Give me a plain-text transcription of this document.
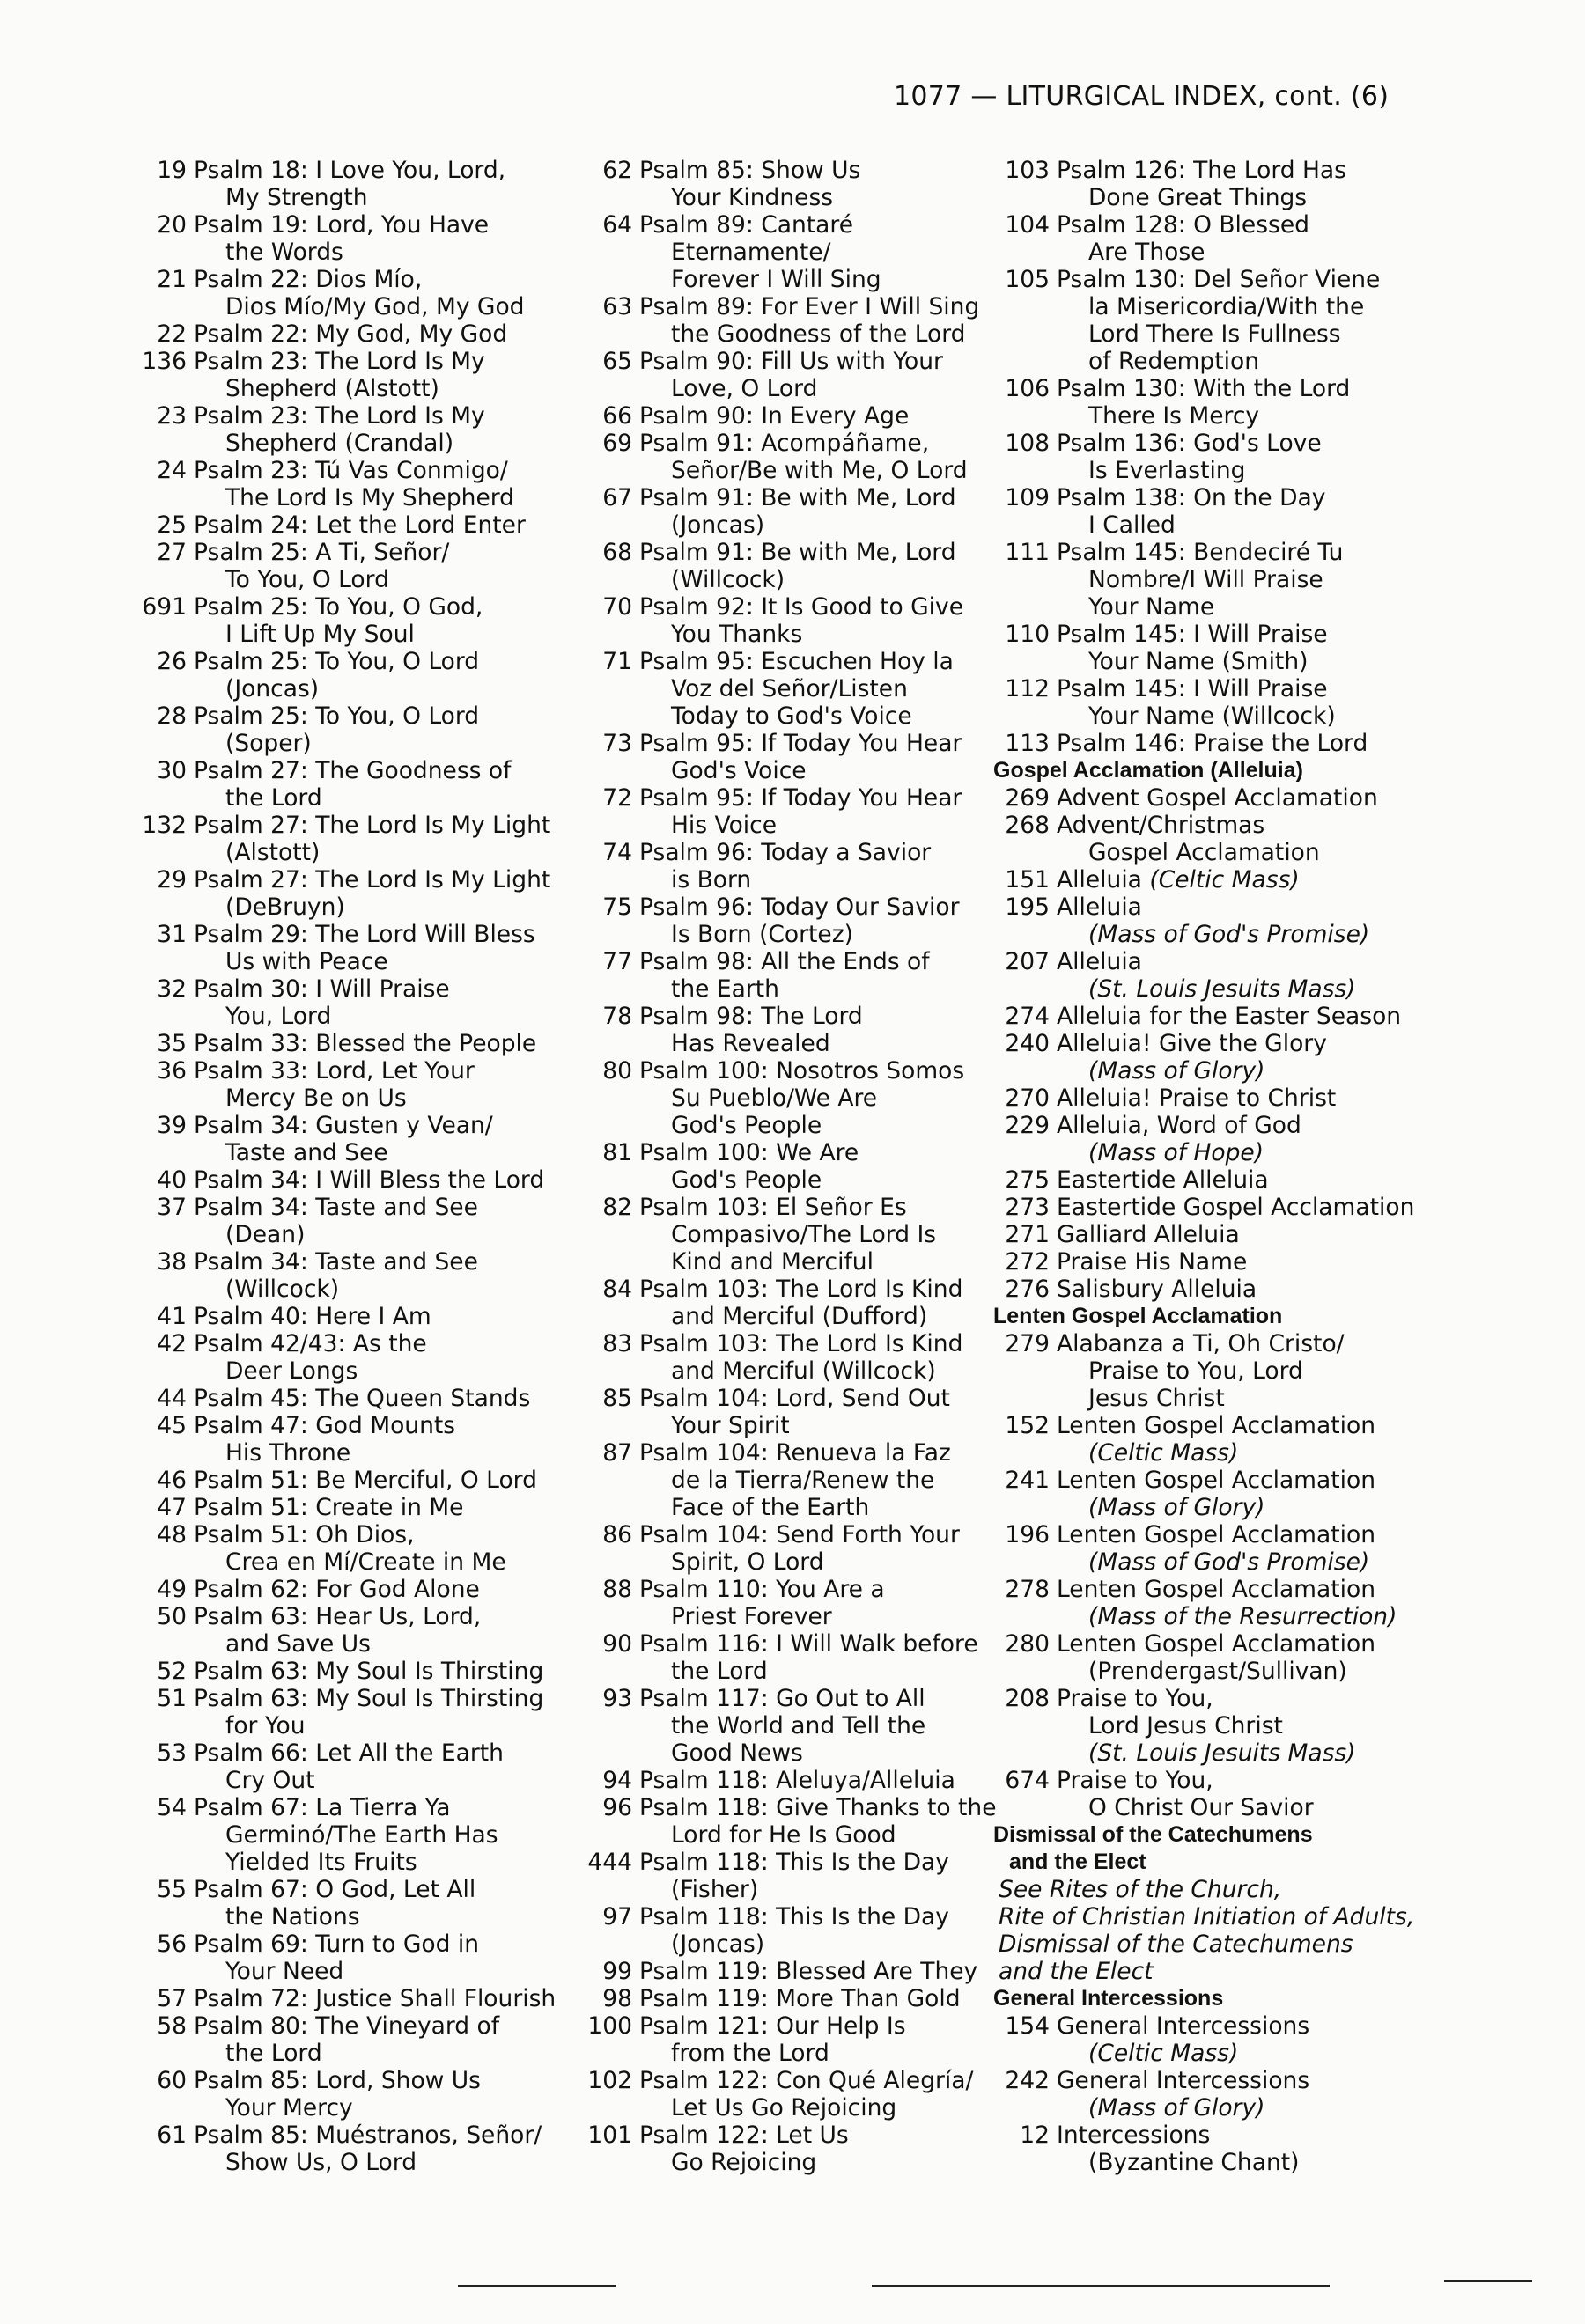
1077 — LITURGICAL INDEX, cont. (6)
19 Psalm 18: I Love You, Lord,
My Strength
20 Psalm 19: Lord, You Have
the Words
21 Psalm 22: Dios Mío,
Dios Mío/My God, My God
22 Psalm 22: My God, My God
136 Psalm 23: The Lord Is My
Shepherd (Alstott)
23 Psalm 23: The Lord Is My
Shepherd (Crandal)
24 Psalm 23: Tú Vas Conmigo/
The Lord Is My Shepherd
25 Psalm 24: Let the Lord Enter
27 Psalm 25: A Ti, Señor/
To You, O Lord
691 Psalm 25: To You, O God,
I Lift Up My Soul
26 Psalm 25: To You, O Lord
(Joncas)
28 Psalm 25: To You, O Lord
(Soper)
30 Psalm 27: The Goodness of
the Lord
132 Psalm 27: The Lord Is My Light
(Alstott)
29 Psalm 27: The Lord Is My Light
(DeBruyn)
31 Psalm 29: The Lord Will Bless
Us with Peace
32 Psalm 30: I Will Praise
You, Lord
35 Psalm 33: Blessed the People
36 Psalm 33: Lord, Let Your
Mercy Be on Us
39 Psalm 34: Gusten y Vean/
Taste and See
40 Psalm 34: I Will Bless the Lord
37 Psalm 34: Taste and See
(Dean)
38 Psalm 34: Taste and See
(Willcock)
41 Psalm 40: Here I Am
42 Psalm 42/43: As the
Deer Longs
44 Psalm 45: The Queen Stands
45 Psalm 47: God Mounts
His Throne
46 Psalm 51: Be Merciful, O Lord
47 Psalm 51: Create in Me
48 Psalm 51: Oh Dios,
Crea en Mí/Create in Me
49 Psalm 62: For God Alone
50 Psalm 63: Hear Us, Lord,
and Save Us
52 Psalm 63: My Soul Is Thirsting
51 Psalm 63: My Soul Is Thirsting
for You
53 Psalm 66: Let All the Earth
Cry Out
54 Psalm 67: La Tierra Ya
Germinó/The Earth Has
Yielded Its Fruits
55 Psalm 67: O God, Let All
the Nations
56 Psalm 69: Turn to God in
Your Need
57 Psalm 72: Justice Shall Flourish
58 Psalm 80: The Vineyard of
the Lord
60 Psalm 85: Lord, Show Us
Your Mercy
61 Psalm 85: Muéstranos, Señor/
Show Us, O Lord
62 Psalm 85: Show Us
Your Kindness
64 Psalm 89: Cantaré
Eternamente/
Forever I Will Sing
63 Psalm 89: For Ever I Will Sing
the Goodness of the Lord
65 Psalm 90: Fill Us with Your
Love, O Lord
66 Psalm 90: In Every Age
69 Psalm 91: Acompáñame,
Señor/Be with Me, O Lord
67 Psalm 91: Be with Me, Lord
(Joncas)
68 Psalm 91: Be with Me, Lord
(Willcock)
70 Psalm 92: It Is Good to Give
You Thanks
71 Psalm 95: Escuchen Hoy la
Voz del Señor/Listen
Today to God's Voice
73 Psalm 95: If Today You Hear
God's Voice
72 Psalm 95: If Today You Hear
His Voice
74 Psalm 96: Today a Savior
is Born
75 Psalm 96: Today Our Savior
Is Born (Cortez)
77 Psalm 98: All the Ends of
the Earth
78 Psalm 98: The Lord
Has Revealed
80 Psalm 100: Nosotros Somos
Su Pueblo/We Are
God's People
81 Psalm 100: We Are
God's People
82 Psalm 103: El Señor Es
Compasivo/The Lord Is
Kind and Merciful
84 Psalm 103: The Lord Is Kind
and Merciful (Dufford)
83 Psalm 103: The Lord Is Kind
and Merciful (Willcock)
85 Psalm 104: Lord, Send Out
Your Spirit
87 Psalm 104: Renueva la Faz
de la Tierra/Renew the
Face of the Earth
86 Psalm 104: Send Forth Your
Spirit, O Lord
88 Psalm 110: You Are a
Priest Forever
90 Psalm 116: I Will Walk before
the Lord
93 Psalm 117: Go Out to All
the World and Tell the
Good News
94 Psalm 118: Aleluya/Alleluia
96 Psalm 118: Give Thanks to the
Lord for He Is Good
444 Psalm 118: This Is the Day
(Fisher)
97 Psalm 118: This Is the Day
(Joncas)
99 Psalm 119: Blessed Are They
98 Psalm 119: More Than Gold
100 Psalm 121: Our Help Is
from the Lord
102 Psalm 122: Con Qué Alegría/
Let Us Go Rejoicing
101 Psalm 122: Let Us
Go Rejoicing
103 Psalm 126: The Lord Has
Done Great Things
104 Psalm 128: O Blessed
Are Those
105 Psalm 130: Del Señor Viene
la Misericordia/With the
Lord There Is Fullness
of Redemption
106 Psalm 130: With the Lord
There Is Mercy
108 Psalm 136: God's Love
Is Everlasting
109 Psalm 138: On the Day
I Called
111 Psalm 145: Bendeciré Tu
Nombre/I Will Praise
Your Name
110 Psalm 145: I Will Praise
Your Name (Smith)
112 Psalm 145: I Will Praise
Your Name (Willcock)
113 Psalm 146: Praise the Lord
Gospel Acclamation (Alleluia)
269 Advent Gospel Acclamation
268 Advent/Christmas
Gospel Acclamation
151 Alleluia (Celtic Mass)
195 Alleluia
(Mass of God's Promise)
207 Alleluia
(St. Louis Jesuits Mass)
274 Alleluia for the Easter Season
240 Alleluia! Give the Glory
(Mass of Glory)
270 Alleluia! Praise to Christ
229 Alleluia, Word of God
(Mass of Hope)
275 Eastertide Alleluia
273 Eastertide Gospel Acclamation
271 Galliard Alleluia
272 Praise His Name
276 Salisbury Alleluia
Lenten Gospel Acclamation
279 Alabanza a Ti, Oh Cristo/
Praise to You, Lord
Jesus Christ
152 Lenten Gospel Acclamation
(Celtic Mass)
241 Lenten Gospel Acclamation
(Mass of Glory)
196 Lenten Gospel Acclamation
(Mass of God's Promise)
278 Lenten Gospel Acclamation
(Mass of the Resurrection)
280 Lenten Gospel Acclamation
(Prendergast/Sullivan)
208 Praise to You,
Lord Jesus Christ
(St. Louis Jesuits Mass)
674 Praise to You,
O Christ Our Savior
Dismissal of the Catechumens
and the Elect
See Rites of the Church,
Rite of Christian Initiation of Adults,
Dismissal of the Catechumens
and the Elect
General Intercessions
154 General Intercessions
(Celtic Mass)
242 General Intercessions
(Mass of Glory)
12 Intercessions
(Byzantine Chant)
